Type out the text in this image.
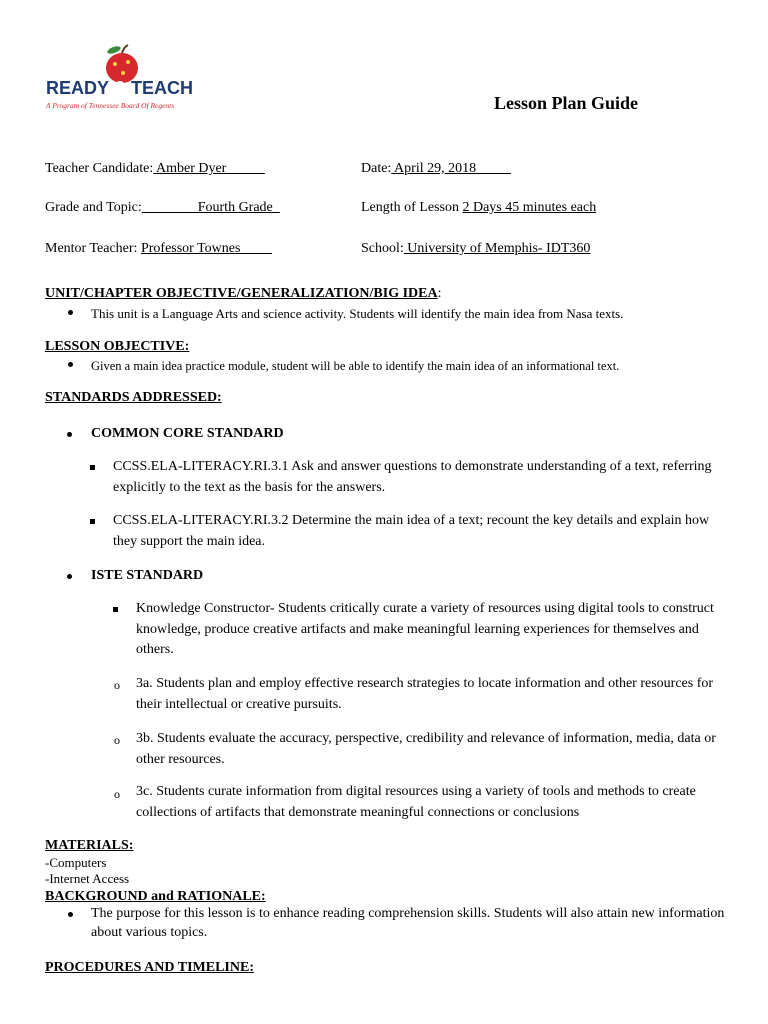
READY 2 TEACH
A Program of Tennessee Board Of Regents	Lesson Plan Guide
Teacher Candidate: Amber Dyer	Date: April 29, 2018
Grade and Topic:                Fourth Grade	Length of Lesson 2 Days 45 minutes each
Mentor Teacher: Professor Townes	School: University of Memphis- IDT360
UNIT/CHAPTER OBJECTIVE/GENERALIZATION/BIG IDEA:
This unit is a Language Arts and science activity. Students will identify the main idea from Nasa texts.
LESSON OBJECTIVE:
Given a main idea practice module, student will be able to identify the main idea of an informational text.
STANDARDS ADDRESSED:
COMMON CORE STANDARD
CCSS.ELA-LITERACY.RI.3.1 Ask and answer questions to demonstrate understanding of a text, referring explicitly to the text as the basis for the answers.
CCSS.ELA-LITERACY.RI.3.2 Determine the main idea of a text; recount the key details and explain how they support the main idea.
ISTE STANDARD
Knowledge Constructor- Students critically curate a variety of resources using digital tools to construct knowledge, produce creative artifacts and make meaningful learning experiences for themselves and others.
o 3a. Students plan and employ effective research strategies to locate information and other resources for their intellectual or creative pursuits.
o 3b. Students evaluate the accuracy, perspective, credibility and relevance of information, media, data or other resources.
o 3c. Students curate information from digital resources using a variety of tools and methods to create collections of artifacts that demonstrate meaningful connections or conclusions
MATERIALS:
-Computers
-Internet Access
BACKGROUND and RATIONALE:
The purpose for this lesson is to enhance reading comprehension skills. Students will also attain new information about various topics.
PROCEDURES AND TIMELINE:
